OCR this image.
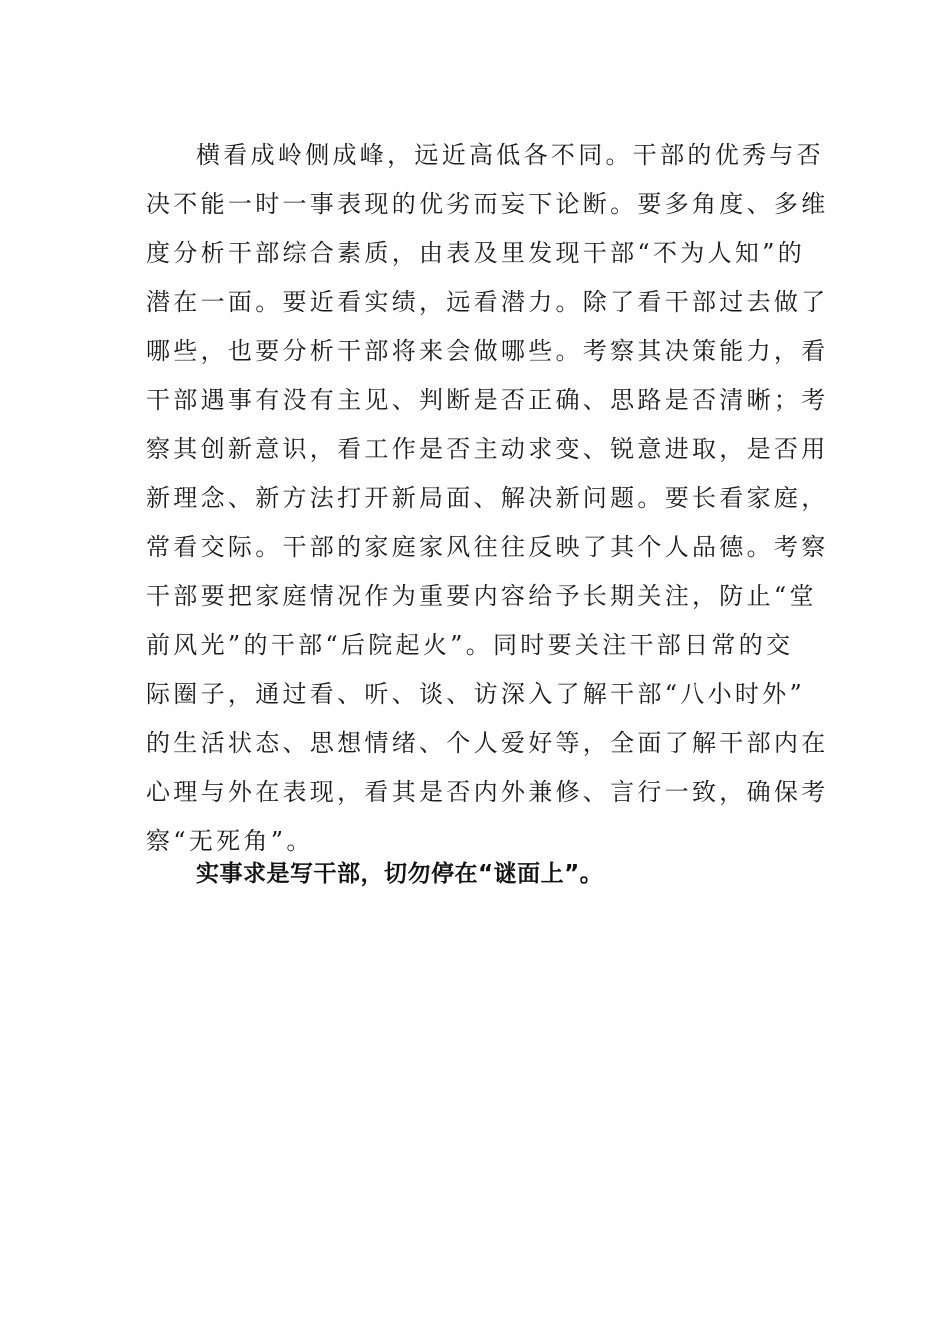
横看成岭侧成峰，远近高低各不同。干部的优秀与否
决不能一时一事表现的优劣而妄下论断。要多角度、多维
度分析干部综合素质，由表及里发现干部“不为人知”的
潜在一面。要近看实绩，远看潜力。除了看干部过去做了
哪些，也要分析干部将来会做哪些。考察其决策能力，看
干部遇事有没有主见、判断是否正确、思路是否清晰；考
察其创新意识，看工作是否主动求变、锐意进取，是否用
新理念、新方法打开新局面、解决新问题。要长看家庭，
常看交际。干部的家庭家风往往反映了其个人品德。考察
干部要把家庭情况作为重要内容给予长期关注，防止“堂
前风光”的干部“后院起火”。同时要关注干部日常的交
际圈子，通过看、听、谈、访深入了解干部“八小时外”
的生活状态、思想情绪、个人爱好等，全面了解干部内在
心理与外在表现，看其是否内外兼修、言行一致，确保考
察“无死角”。
实事求是写干部，切勿停在“谜面上”。
